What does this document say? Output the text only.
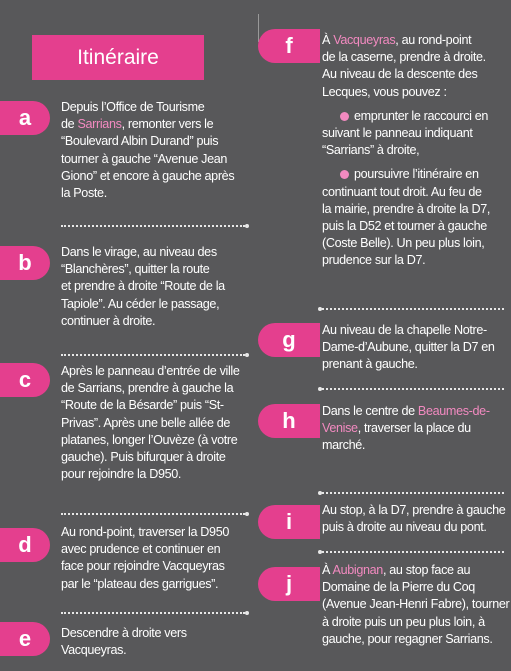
Itinéraire
a	Depuis l’Office de Tourisme

de Sarrians, remonter vers le

“Boulevard Albin Durand” puis

tourner à gauche “Avenue Jean

Giono” et encore à gauche après

la Poste.

b	Dans le virage, au niveau des

“Blanchères”, quitter la route

et prendre à droite “Route de la

Tapiole”. Au céder le passage,

continuer à droite.

c	Après le panneau d’entrée de ville

de Sarrians, prendre à gauche la

“Route de la Bésarde” puis “St-

Privas”. Après une belle allée de

platanes, longer l’Ouvèze (à votre

gauche). Puis bifurquer à droite

pour rejoindre la D950.

d	Au rond-point, traverser la D950

avec prudence et continuer en

face pour rejoindre Vacqueyras

par le “plateau des garrigues”.

e	Descendre à droite vers

Vacqueyras.

f	À Vacqueyras, au rond-point

de la caserne, prendre à droite.

Au niveau de la descente des

Lecques, vous pouvez :

emprunter le raccourci en

suivant le panneau indiquant

“Sarrians” à droite,

poursuivre l’itinéraire en

continuant tout droit. Au feu de

la mairie, prendre à droite la D7,

puis la D52 et tourner à gauche

(Coste Belle). Un peu plus loin,

prudence sur la D7.

g	Au niveau de la chapelle Notre-

Dame-d’Aubune, quitter la D7 en

prenant à gauche.

h	Dans le centre de Beaumes-de-

Venise, traverser la place du

marché.

i	Au stop, à la D7, prendre à gauche

puis à droite au niveau du pont.

j

À Aubignan, au stop face au

Domaine de la Pierre du Coq

(Avenue Jean-Henri Fabre), tourner

à droite puis un peu plus loin, à

gauche, pour regagner Sarrians.
